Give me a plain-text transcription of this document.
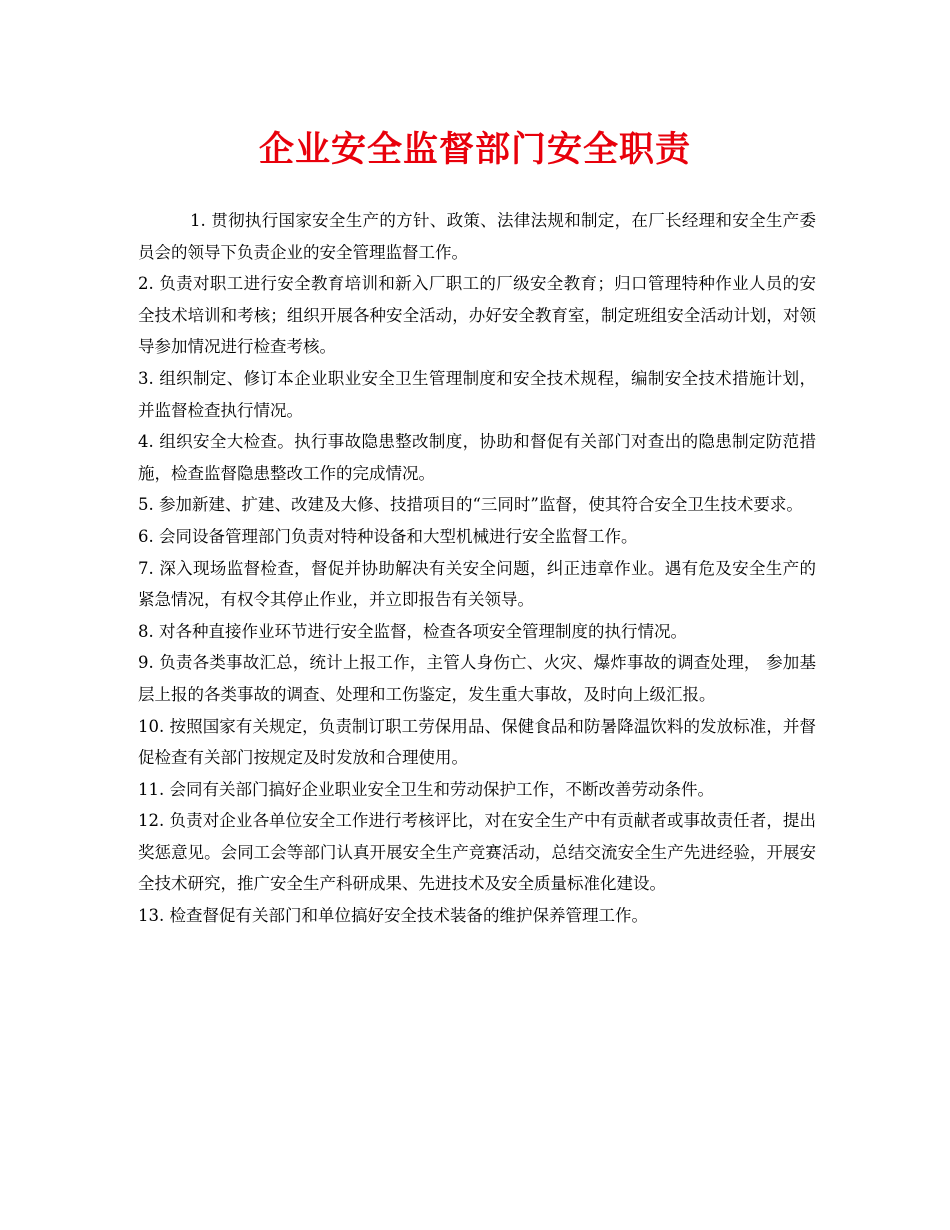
企业安全监督部门安全职责

1. 贯彻执行国家安全生产的方针、政策、法律法规和制定，在厂长经理和安全生产委员会的领导下负责企业的安全管理监督工作。

2. 负责对职工进行安全教育培训和新入厂职工的厂级安全教育；归口管理特种作业人员的安全技术培训和考核；组织开展各种安全活动，办好安全教育室，制定班组安全活动计划，对领导参加情况进行检查考核。

3. 组织制定、修订本企业职业安全卫生管理制度和安全技术规程，编制安全技术措施计划，并监督检查执行情况。

4. 组织安全大检查。执行事故隐患整改制度，协助和督促有关部门对查出的隐患制定防范措施，检查监督隐患整改工作的完成情况。

5. 参加新建、扩建、改建及大修、技措项目的“三同时”监督，使其符合安全卫生技术要求。

6. 会同设备管理部门负责对特种设备和大型机械进行安全监督工作。

7. 深入现场监督检查，督促并协助解决有关安全问题，纠正违章作业。遇有危及安全生产的紧急情况，有权令其停止作业，并立即报告有关领导。

8. 对各种直接作业环节进行安全监督，检查各项安全管理制度的执行情况。

9. 负责各类事故汇总，统计上报工作，主管人身伤亡、火灾、爆炸事故的调查处理， 参加基层上报的各类事故的调查、处理和工伤鉴定，发生重大事故，及时向上级汇报。

10. 按照国家有关规定，负责制订职工劳保用品、保健食品和防暑降温饮料的发放标准，并督促检查有关部门按规定及时发放和合理使用。

11. 会同有关部门搞好企业职业安全卫生和劳动保护工作，不断改善劳动条件。

12. 负责对企业各单位安全工作进行考核评比，对在安全生产中有贡献者或事故责任者，提出奖惩意见。会同工会等部门认真开展安全生产竞赛活动，总结交流安全生产先进经验，开展安全技术研究，推广安全生产科研成果、先进技术及安全质量标准化建设。

13. 检查督促有关部门和单位搞好安全技术装备的维护保养管理工作。
